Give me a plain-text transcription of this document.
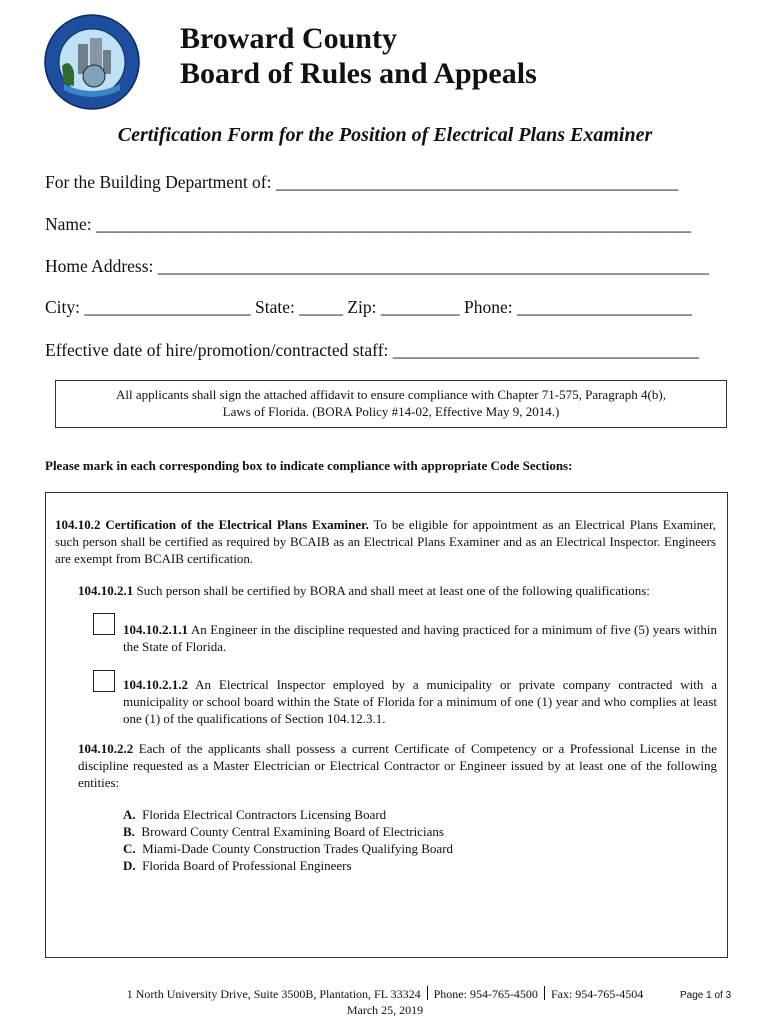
Broward County
Board of Rules and Appeals
Certification Form for the Position of Electrical Plans Examiner
For the Building Department of: ______________________________________________
Name: ____________________________________________________________________
Home Address: _______________________________________________________________
City: ___________________ State: _____ Zip: _________ Phone: ____________________
Effective date of hire/promotion/contracted staff: ___________________________________
All applicants shall sign the attached affidavit to ensure compliance with Chapter 71-575, Paragraph 4(b),
Laws of Florida. (BORA Policy #14-02, Effective May 9, 2014.)
Please mark in each corresponding box to indicate compliance with appropriate Code Sections:
104.10.2 Certification of the Electrical Plans Examiner. To be eligible for appointment as an Electrical Plans Examiner, such person shall be certified as required by BCAIB as an Electrical Plans Examiner and as an Electrical Inspector. Engineers are exempt from BCAIB certification.
104.10.2.1 Such person shall be certified by BORA and shall meet at least one of the following qualifications:
104.10.2.1.1 An Engineer in the discipline requested and having practiced for a minimum of five (5) years within the State of Florida.
104.10.2.1.2 An Electrical Inspector employed by a municipality or private company contracted with a municipality or school board within the State of Florida for a minimum of one (1) year and who complies at least one (1) of the qualifications of Section 104.12.3.1.
104.10.2.2 Each of the applicants shall possess a current Certificate of Competency or a Professional License in the discipline requested as a Master Electrician or Electrical Contractor or Engineer issued by at least one of the following entities:
A. Florida Electrical Contractors Licensing Board
B. Broward County Central Examining Board of Electricians
C. Miami-Dade County Construction Trades Qualifying Board
D. Florida Board of Professional Engineers
1 North University Drive, Suite 3500B, Plantation, FL 33324 Phone: 954-765-4500 Fax: 954-765-4504
March 25, 2019
Page 1 of 3
